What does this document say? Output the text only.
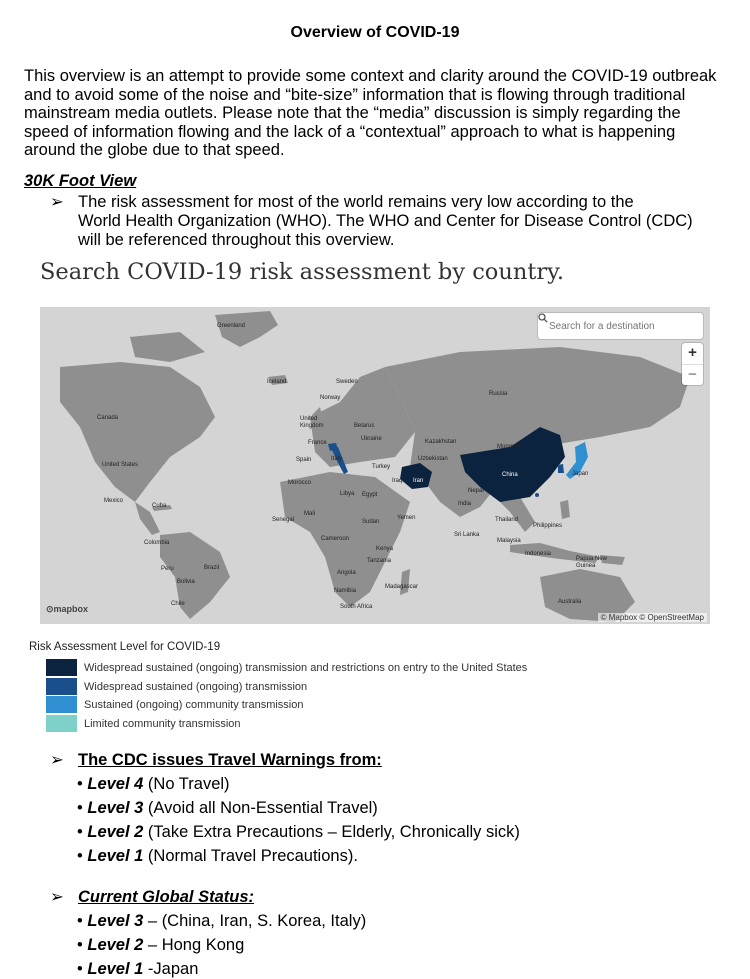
Overview of COVID-19

This overview is an attempt to provide some context and clarity around the COVID-19 outbreak and to avoid some of the noise and “bite-size” information that is flowing through traditional mainstream media outlets. Please note that the “media” discussion is simply regarding the speed of information flowing and the lack of a “contextual” approach to what is happening around the globe due to that speed.

30K Foot View
➢ The risk assessment for most of the world remains very low according to the
World Health Organization (WHO). The WHO and Center for Disease Control (CDC) will be referenced throughout this overview.
Search COVID-19 risk assessment by country.
Greenland
Iceland	Sweden
Norway
Russia
Canada	United Kingdom	Belarus
Ukraine
France	Kazakhstan
Mongolia
Spain	Italy	Uzbekistan
United States	Turkey
China	Japan
Morocco	Iraq Iran
Libya Egypt
Nepal
Mexico
Cuba	India
Mali
Senegal	Sudan
Yemen	Thailand
Philippines
Sri Lanka
Colombia
Cameroon
Kenya
Malaysia
Tanzania
Indonesia
Papua New Guinea
Peru	Brazil
Angola
Bolivia
Namibia
Madagascar
Chile	South Africa
Australia
Search for a destination
+
−
⊙mapbox
© Mapbox © OpenStreetMap
Risk Assessment Level for COVID-19
Widespread sustained (ongoing) transmission and restrictions on entry to the United States
Widespread sustained (ongoing) transmission
Sustained (ongoing) community transmission
Limited community transmission
➢ The CDC issues Travel Warnings from:
• Level 4 (No Travel)
• Level 3 (Avoid all Non-Essential Travel)
• Level 2 (Take Extra Precautions – Elderly, Chronically sick)
• Level 1 (Normal Travel Precautions).
➢ Current Global Status:
• Level 3 – (China, Iran, S. Korea, Italy)
• Level 2 – Hong Kong
• Level 1 -Japan
